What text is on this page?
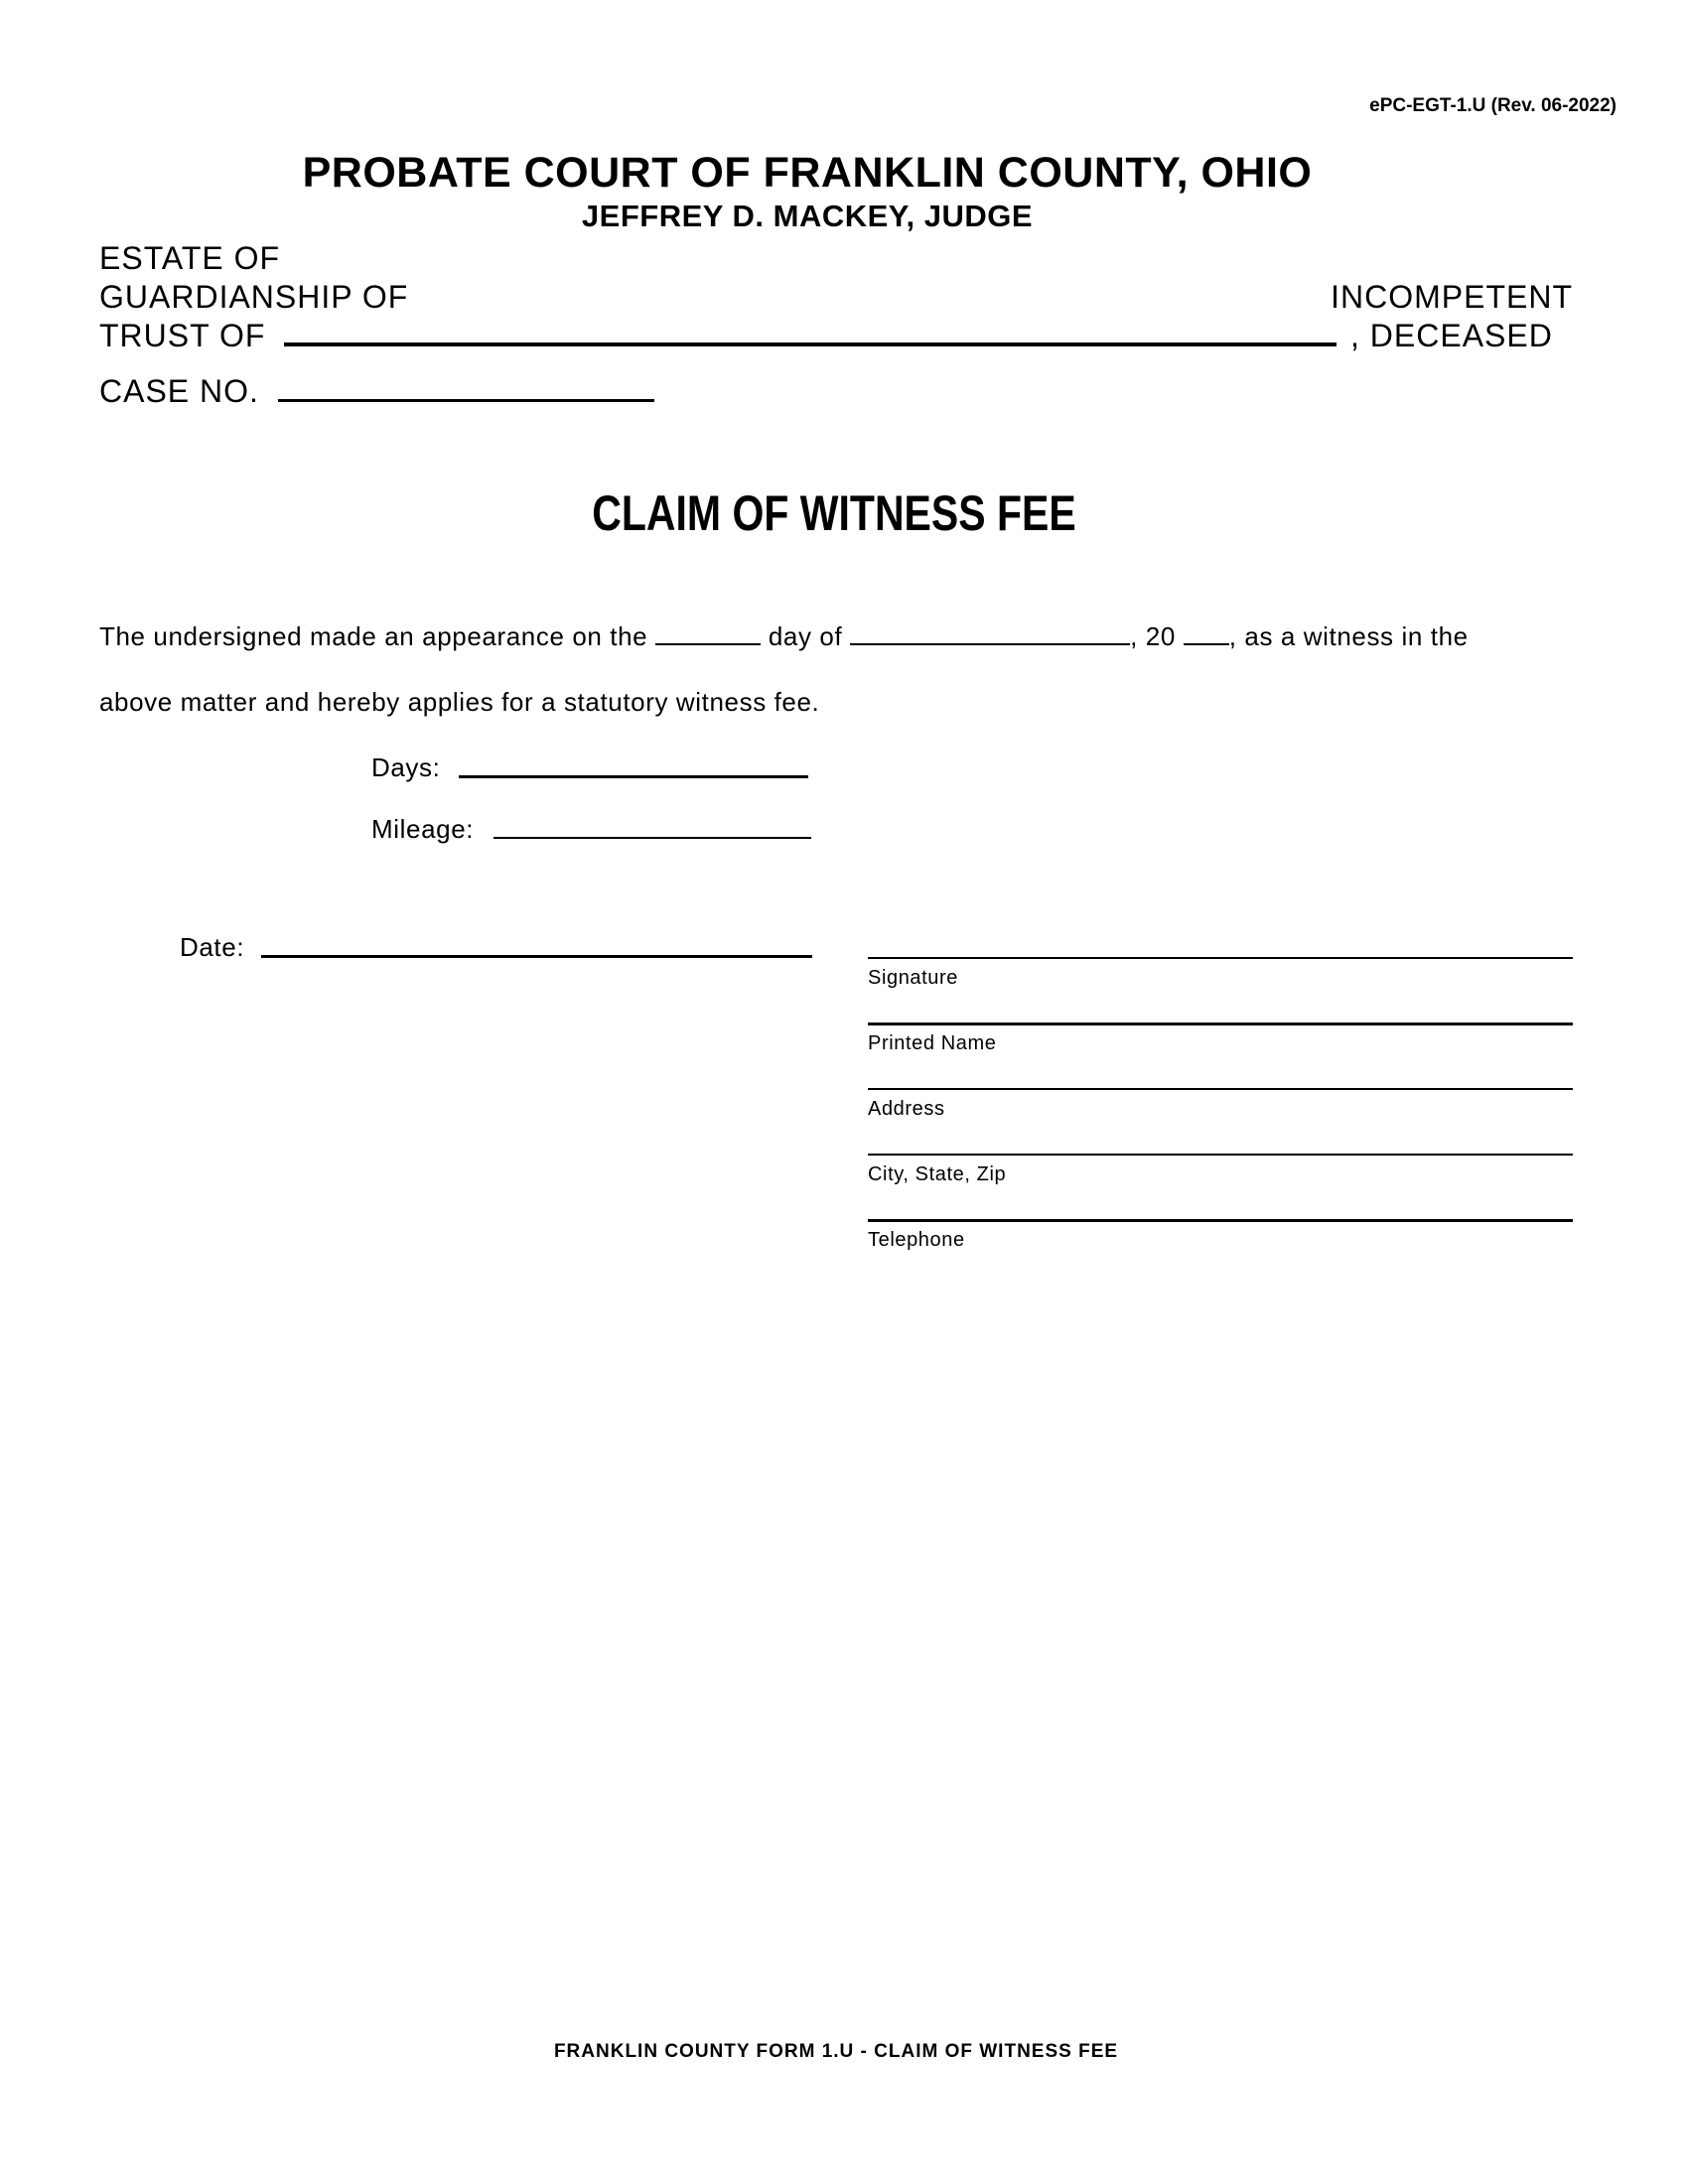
ePC-EGT-1.U (Rev. 06-2022)
PROBATE COURT OF FRANKLIN COUNTY, OHIO
JEFFREY D. MACKEY, JUDGE
ESTATE OF
GUARDIANSHIP OF
TRUST OF
INCOMPETENT
, DECEASED
CASE NO.
CLAIM OF WITNESS FEE
The undersigned made an appearance on the	day of	, 20 , as a witness in the
above matter and hereby applies for a statutory witness fee.
Days:
Mileage:
Date:
Signature
Printed Name
Address
City, State, Zip
Telephone
FRANKLIN COUNTY FORM 1.U - CLAIM OF WITNESS FEE
